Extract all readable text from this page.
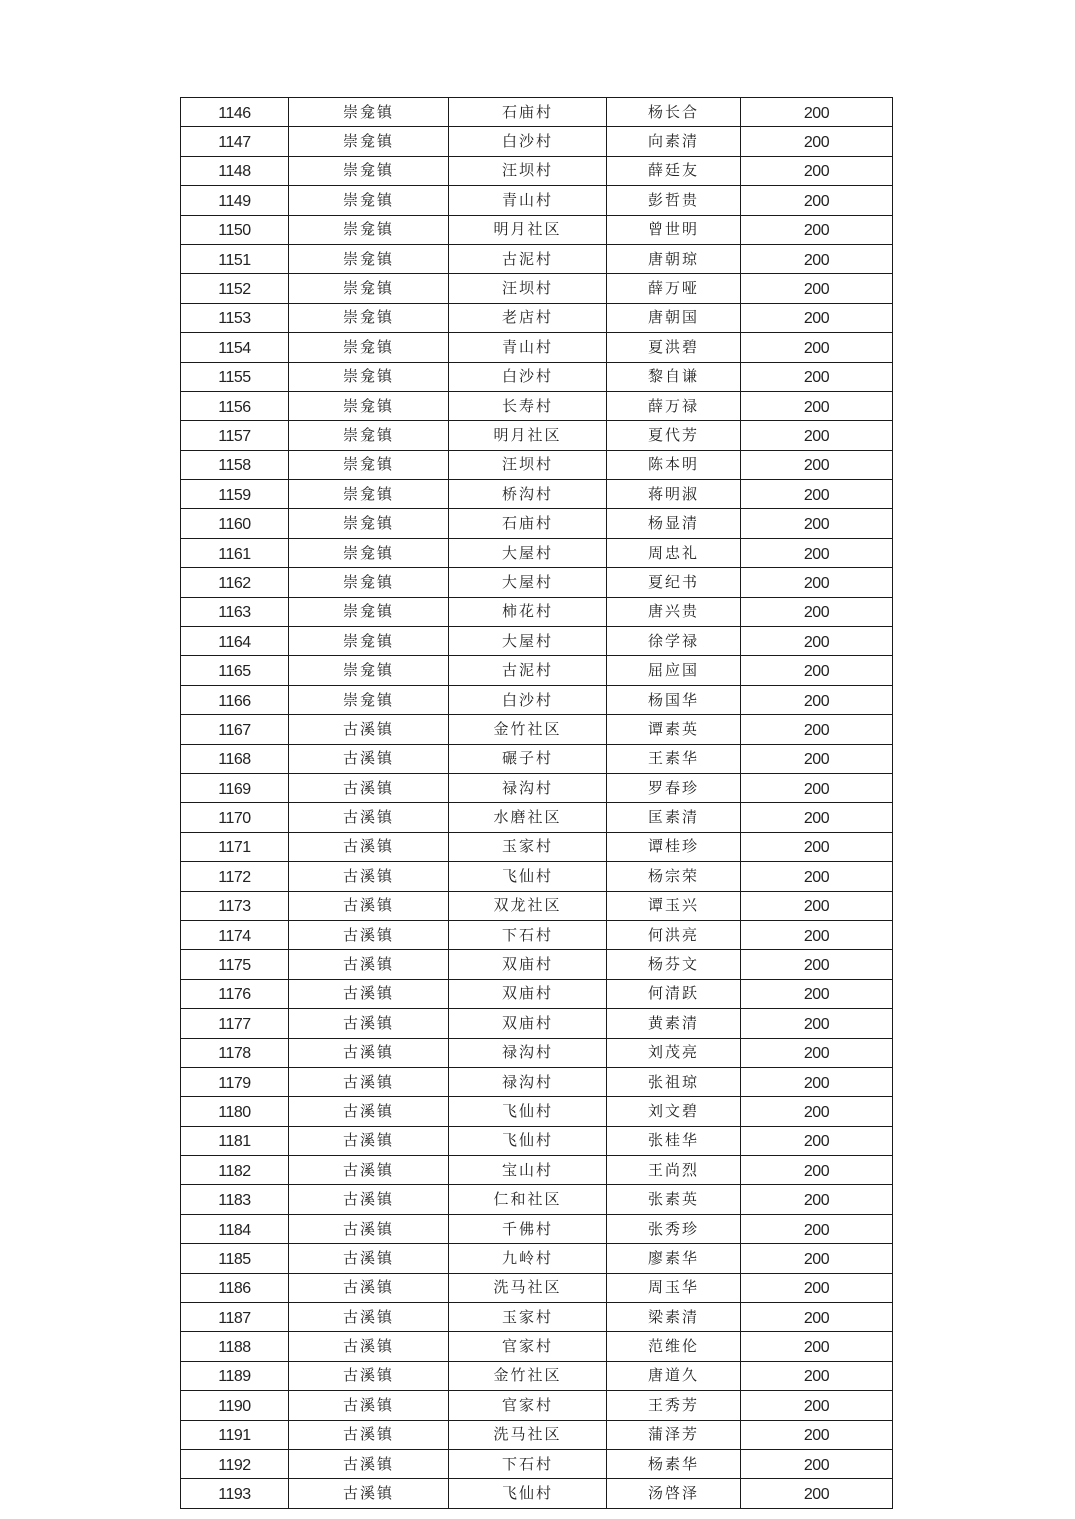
1146	崇龛镇	石庙村	杨长合	200
1147	崇龛镇	白沙村	向素清	200
1148	崇龛镇	汪坝村	薛廷友	200
1149	崇龛镇	青山村	彭哲贵	200
1150	崇龛镇	明月社区	曾世明	200
1151	崇龛镇	古泥村	唐朝琼	200
1152	崇龛镇	汪坝村	薛万哑	200
1153	崇龛镇	老店村	唐朝国	200
1154	崇龛镇	青山村	夏洪碧	200
1155	崇龛镇	白沙村	黎自谦	200
1156	崇龛镇	长寿村	薛万禄	200
1157	崇龛镇	明月社区	夏代芳	200
1158	崇龛镇	汪坝村	陈本明	200
1159	崇龛镇	桥沟村	蒋明淑	200
1160	崇龛镇	石庙村	杨显清	200
1161	崇龛镇	大屋村	周忠礼	200
1162	崇龛镇	大屋村	夏纪书	200
1163	崇龛镇	柿花村	唐兴贵	200
1164	崇龛镇	大屋村	徐学禄	200
1165	崇龛镇	古泥村	屈应国	200
1166	崇龛镇	白沙村	杨国华	200
1167	古溪镇	金竹社区	谭素英	200
1168	古溪镇	碾子村	王素华	200
1169	古溪镇	禄沟村	罗春珍	200
1170	古溪镇	水磨社区	匡素清	200
1171	古溪镇	玉家村	谭桂珍	200
1172	古溪镇	飞仙村	杨宗荣	200
1173	古溪镇	双龙社区	谭玉兴	200
1174	古溪镇	下石村	何洪亮	200
1175	古溪镇	双庙村	杨芬文	200
1176	古溪镇	双庙村	何清跃	200
1177	古溪镇	双庙村	黄素清	200
1178	古溪镇	禄沟村	刘茂亮	200
1179	古溪镇	禄沟村	张祖琼	200
1180	古溪镇	飞仙村	刘文碧	200
1181	古溪镇	飞仙村	张桂华	200
1182	古溪镇	宝山村	王尚烈	200
1183	古溪镇	仁和社区	张素英	200
1184	古溪镇	千佛村	张秀珍	200
1185	古溪镇	九岭村	廖素华	200
1186	古溪镇	洗马社区	周玉华	200
1187	古溪镇	玉家村	梁素清	200
1188	古溪镇	官家村	范维伦	200
1189	古溪镇	金竹社区	唐道久	200
1190	古溪镇	官家村	王秀芳	200
1191	古溪镇	洗马社区	蒲泽芳	200
1192	古溪镇	下石村	杨素华	200
1193	古溪镇	飞仙村	汤啓泽	200
